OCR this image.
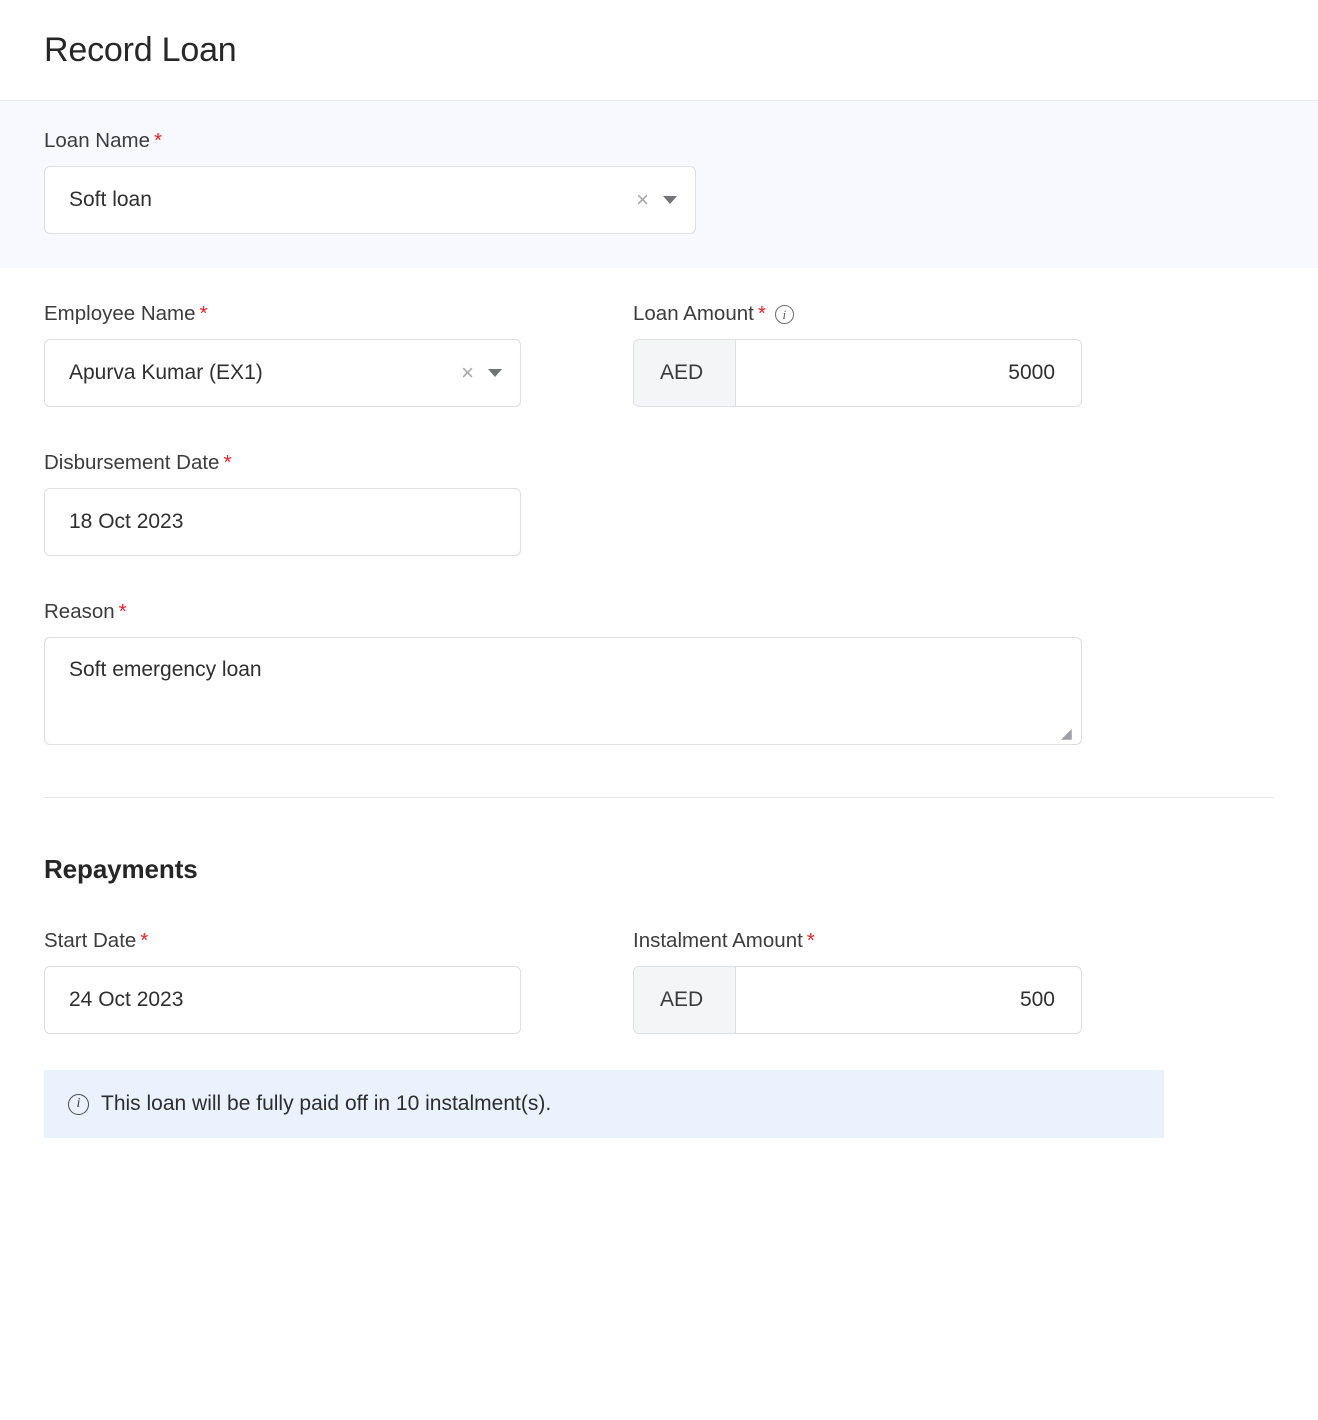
Record Loan
Loan Name *
Soft loan	×
Employee Name *
Apurva Kumar (EX1)	×
Loan Amount *	i
AED	5000
Disbursement Date *
18 Oct 2023
Reason *
Soft emergency loan
◢
Repayments
Start Date *
24 Oct 2023
Instalment Amount *
AED	500
i This loan will be fully paid off in 10 instalment(s).
